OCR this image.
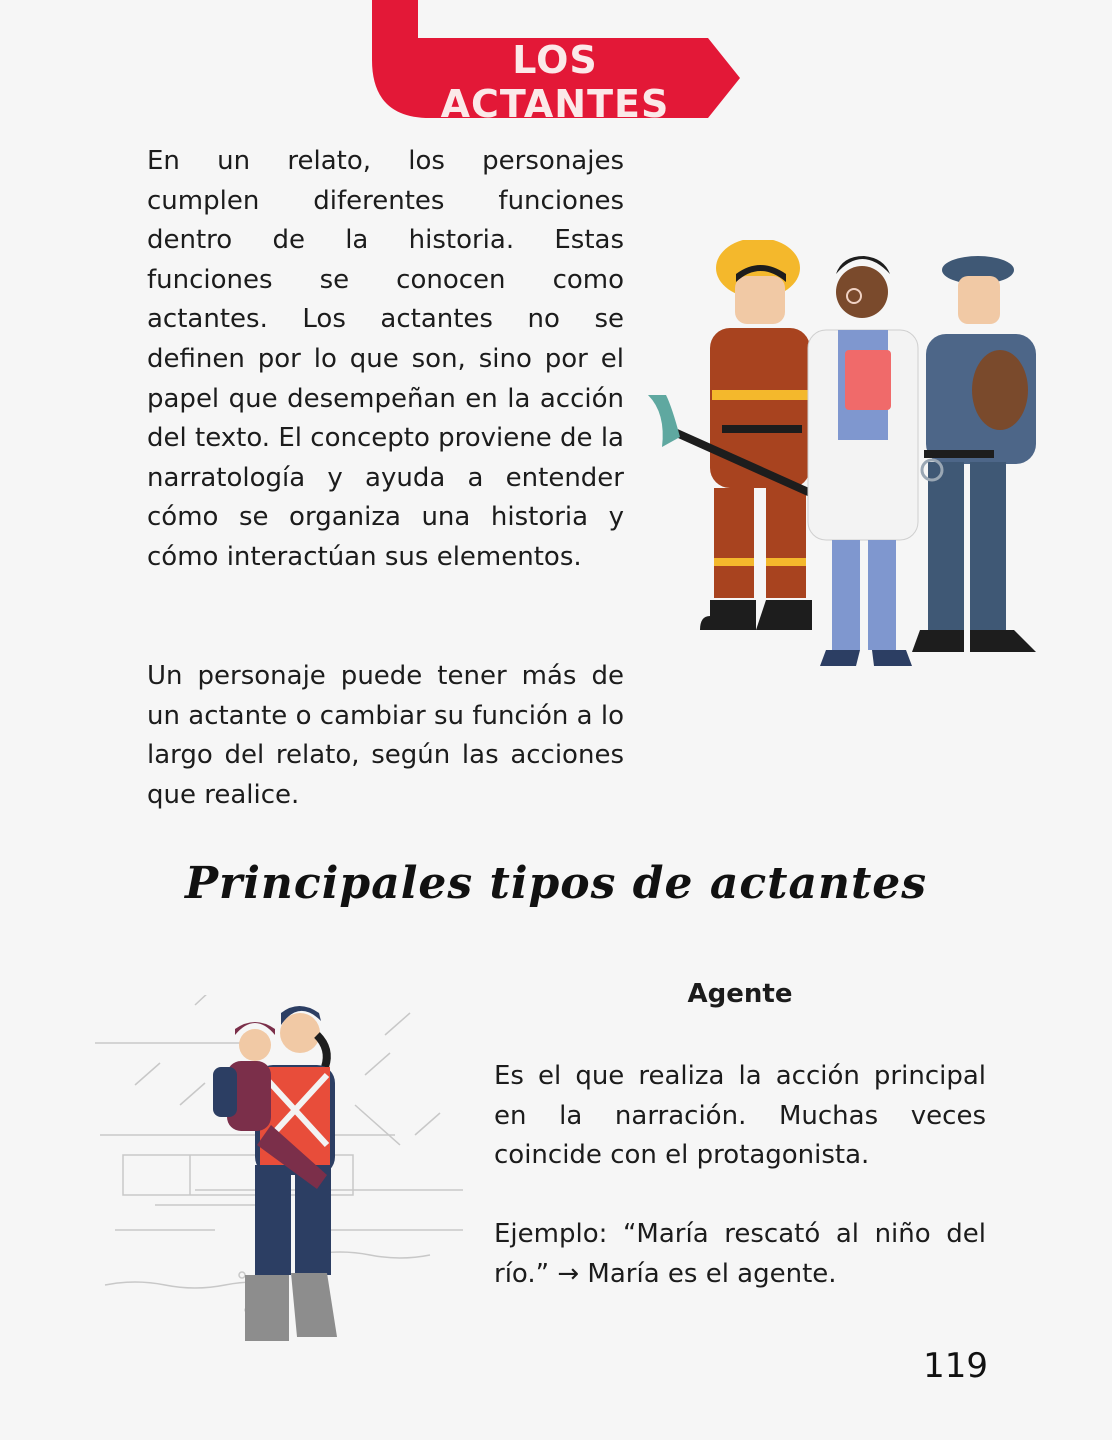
LOS ACTANTES

En un relato, los personajes cumplen diferentes funciones dentro de la historia. Estas funciones se conocen como actantes. Los actantes no se definen por lo que son, sino por el papel que desempeñan en la acción del texto. El concepto proviene de la narratología y ayuda a entender cómo se organiza una historia y cómo interactúan sus elementos.

Un personaje puede tener más de un actante o cambiar su función a lo largo del relato, según las acciones que realice.

Principales tipos de actantes
Agente

Es el que realiza la acción principal en la narración. Muchas veces coincide con el protagonista.

Ejemplo: “María rescató al niño del río.” → María es el agente.

119
